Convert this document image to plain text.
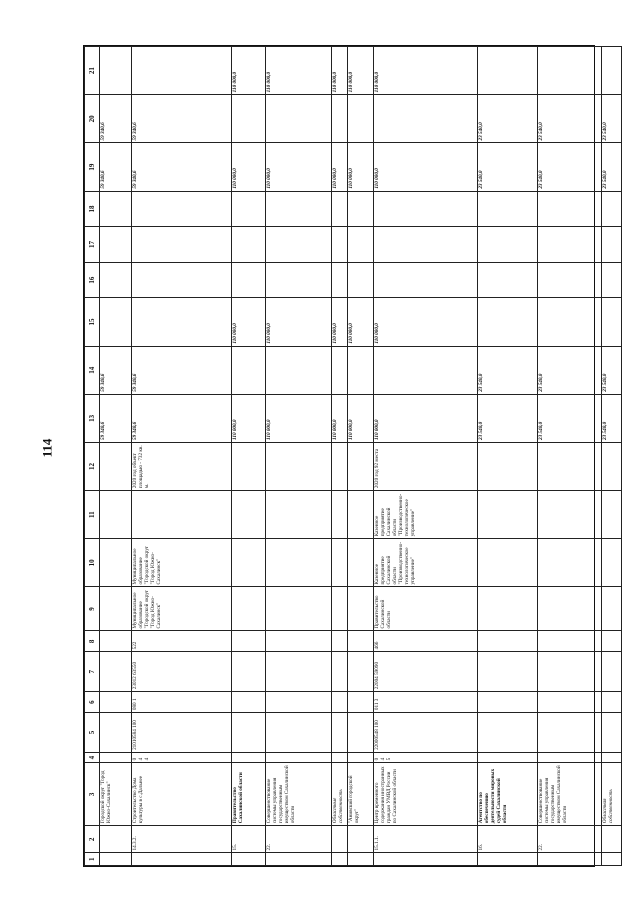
114
1	2	3	4	5	6	7	8	9	10	11	12	13	14	15	16	17	18	19	20	21
		Городской округ "Город Южно-Сахалинск"										59 340,6	59 340,6					59 340,6	59 340,6	
	14.3.2.	Строительство Дома культуры в с.Дальнее	0 4 4	21010584 100	080 1	23012 63550	522	Муниципальное образование "Городской округ "Город Южно-Сахалинск"	Муниципальное образование "Городской округ "Город Южно-Сахалинск"		2020 год объект площадью - 732 кв. м.	59 340,6	59 340,6					59 340,6	59 340,6	
	15.	Правительство Сахалинской области										110 000,0		110 000,0				110 000,0		110 000,0
	22.	Совершенствование системы управления государственным имуществом Сахалинской области										110 000,0		110 000,0				110 000,0		110 000,0
		Областные собственность										110 000,0		110 000,0				110 000,0		110 000,0
		"Анивский городской округ"										110 000,0		110 000,0				110 000,0		110 000,0
	15.1.1.	Центр временного содержания иностранных граждан УМВД России по Сахалинской области	0 4 5	22000548 100	011 3	22004 59090	466	Правительство Сахалинской области	Казенное предприятие Сахалинской области "Производственно-технологическое управление"	Казенное предприятие Сахалинской области "Производственно-технологическое управление"	2020 год 92 места	110 000,0		110 000,0				110 000,0		110 000,0
	16.	Агентство по обеспечению деятельности мировых судей Сахалинской области										23 540,0	23 540,0					23 540,0	23 540,0	
	22.	Совершенствование системы управления государственным имуществом Сахалинской области										23 540,0	23 540,0					23 540,0	23 540,0	
		Областная собственность										23 540,0	23 540,0					23 540,0	23 540,0	
